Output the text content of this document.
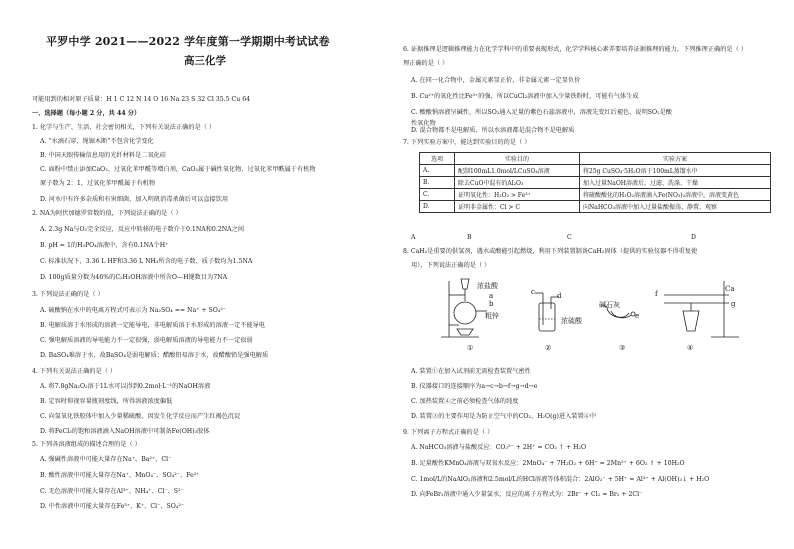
平罗中学 2021——2022 学年度第一学期期中考试试卷
高三化学
可能用到的相对原子质量：H 1 C 12 N 14 O 16 Na 23 S 32 Cl 35.5 Cu 64
一、选择题（每小题 2 分，共 44 分）
1. 化学与生产、生活、社会密切相关，下列有关说法正确的是（ ）
A. “水滴石穿、绳锯木断”不包含化学变化
B. 中国天眼传输信息用的光纤材料是二氧化硅
C. 面粉中禁止添加CaO₂、过氧化苯甲酰等增白剂，CaO₂属于碱性氧化物，过氧化苯甲酰属于有机物
原子数为 2：1，过氧化苯甲酰属于有机物
D. 河水中有许多杂质和有害细菌，加入明矾消毒杀菌后可以直接饮用
2. NA为阿伏加德罗常数的值，下列说法正确的是（ ）
A. 2.3g Na与O₂完全反应，反应中转移的电子数介于0.1NA和0.2NA之间
B. pH = 1的H₃PO₄溶液中，含有0.1NA个H⁺
C. 标准状况下，3.36 L HF和3.36 L NH₃所含的电子数、质子数均为1.5NA
D. 100g质量分数为46%的C₂H₅OH溶液中所含O—H键数目为7NA
3. 下列说法正确的是（ ）
A. 硫酸钠在水中的电离方程式可表示为 Na₂SO₄ == Na⁺ + SO₄²⁻
B. 电解质溶于水形成的溶液一定能导电，非电解质溶于水形成的溶液一定不能导电
C. 强电解质溶液的导电能力不一定很强，弱电解质溶液的导电能力不一定很弱
D. BaSO₄难溶于水，故BaSO₄是弱电解质；醋酸铅易溶于水，故醋酸铅是强电解质
4. 下列有关说法正确的是（ ）
A. 将7.8gNa₂O₂溶于1L水可以得到0.2mol·L⁻¹的NaOH溶液
B. 定容时仰视容量瓶刻度线，所得溶液浓度偏低
C. 向氢氧化铁胶体中加入少量稀硫酸，因发生化学反应而产生红褐色沉淀
D. 将FeCl₃的饱和溶液滴入NaOH溶液中可制备Fe(OH)₃胶体
5. 下列各溶液组成的描述合理的是（ ）
A. 强碱性溶液中可能大量存在Na⁺、Ba²⁺、Cl⁻
B. 酸性溶液中可能大量存在Na⁺、MnO₄⁻、SO₄²⁻、Fe²⁺
C. 无色溶液中可能大量存在Al³⁺、NH₄⁺、Cl⁻、S²⁻
D. 中性溶液中可能大量存在Fe³⁺、K⁺、Cl⁻、SO₄²⁻
6. 证据推理是逻辑推理能力在化学学科中的重要表现形式，化学学科核心素养要培养证据推理的能力，下列推理正确的是（ ）
理正确的是（ ）
A. 在同一化合物中，金属元素显正价，非金属元素一定显负价
B. Cu²⁺的氧化性比Fe³⁺的强，所以CuCl₂溶液中加入少量铁粉时，可能有气体生成
C. 酸酸钠溶液呈碱性，所以SO₂通入足量的紫色石蕊溶液中，溶液先变红后褪色，说明SO₂是酸
性氧化物
D. 混合物都不是电解质，所以水溶液都是混合物不是电解质
7. 下列实验方案中，能达到实验目的的是（ ）
选项	实验目的	实验方案
A.	配制100mL1.0mol/LCuSO₄溶液	将25g CuSO₄·5H₂O溶于100mL蒸馏水中
B.	除去CuO中混有的Al₂O₃	加入过量NaOH溶液后，过滤、洗涤、干燥
C.	证明氧化性：H₂O₂ > Fe³⁺	将硫酸酸化的H₂O₂溶液滴入Fe(NO₃)₂溶液中，溶液变黄色
D.	证明非金属性：Cl > C	向NaHCO₃溶液中加入过量盐酸振荡、静置、观察
A	B	C	D
8. CaH₂是重要的供氢剂，遇水或酸能引起燃烧，利用下列装置制备CaH₂固体（提供的实验仪器不得重复使
用），下列说法正确的是（ ）
浓盐酸
a
b
粗锌
浓硫酸
c	d
碱石灰
e
f
g
Ca
①	②	③	④
A. 装置①在加入试剂前无需检查装置气密性
B. 仪器接口的连接顺序为a→c→b→f→g→d→e
C. 加热装置④之前必须检查气体的纯度
D. 装置③的主要作用是为防止空气中的CO₂、H₂O(g)进入装置④中
9. 下列离子方程式正确的是（ ）
A. NaHCO₃溶液与盐酸反应：CO₃²⁻ + 2H⁺ = CO₂ ↑ + H₂O
B. 足量酸性KMnO₄溶液与双氧水反应：2MnO₄⁻ + 7H₂O₂ + 6H⁺ = 2Mn²⁺ + 6O₂ ↑ + 10H₂O
C. 1mol/L的NaAlO₂溶液和2.5mol/L的HCl溶液等体积混合：2AlO₂⁻ + 5H⁺ = Al³⁺ + Al(OH)₃↓ + H₂O
D. 向FeBr₂溶液中通入少量氯水，反应的离子方程式为：2Br⁻ + Cl₂ = Br₂ + 2Cl⁻
